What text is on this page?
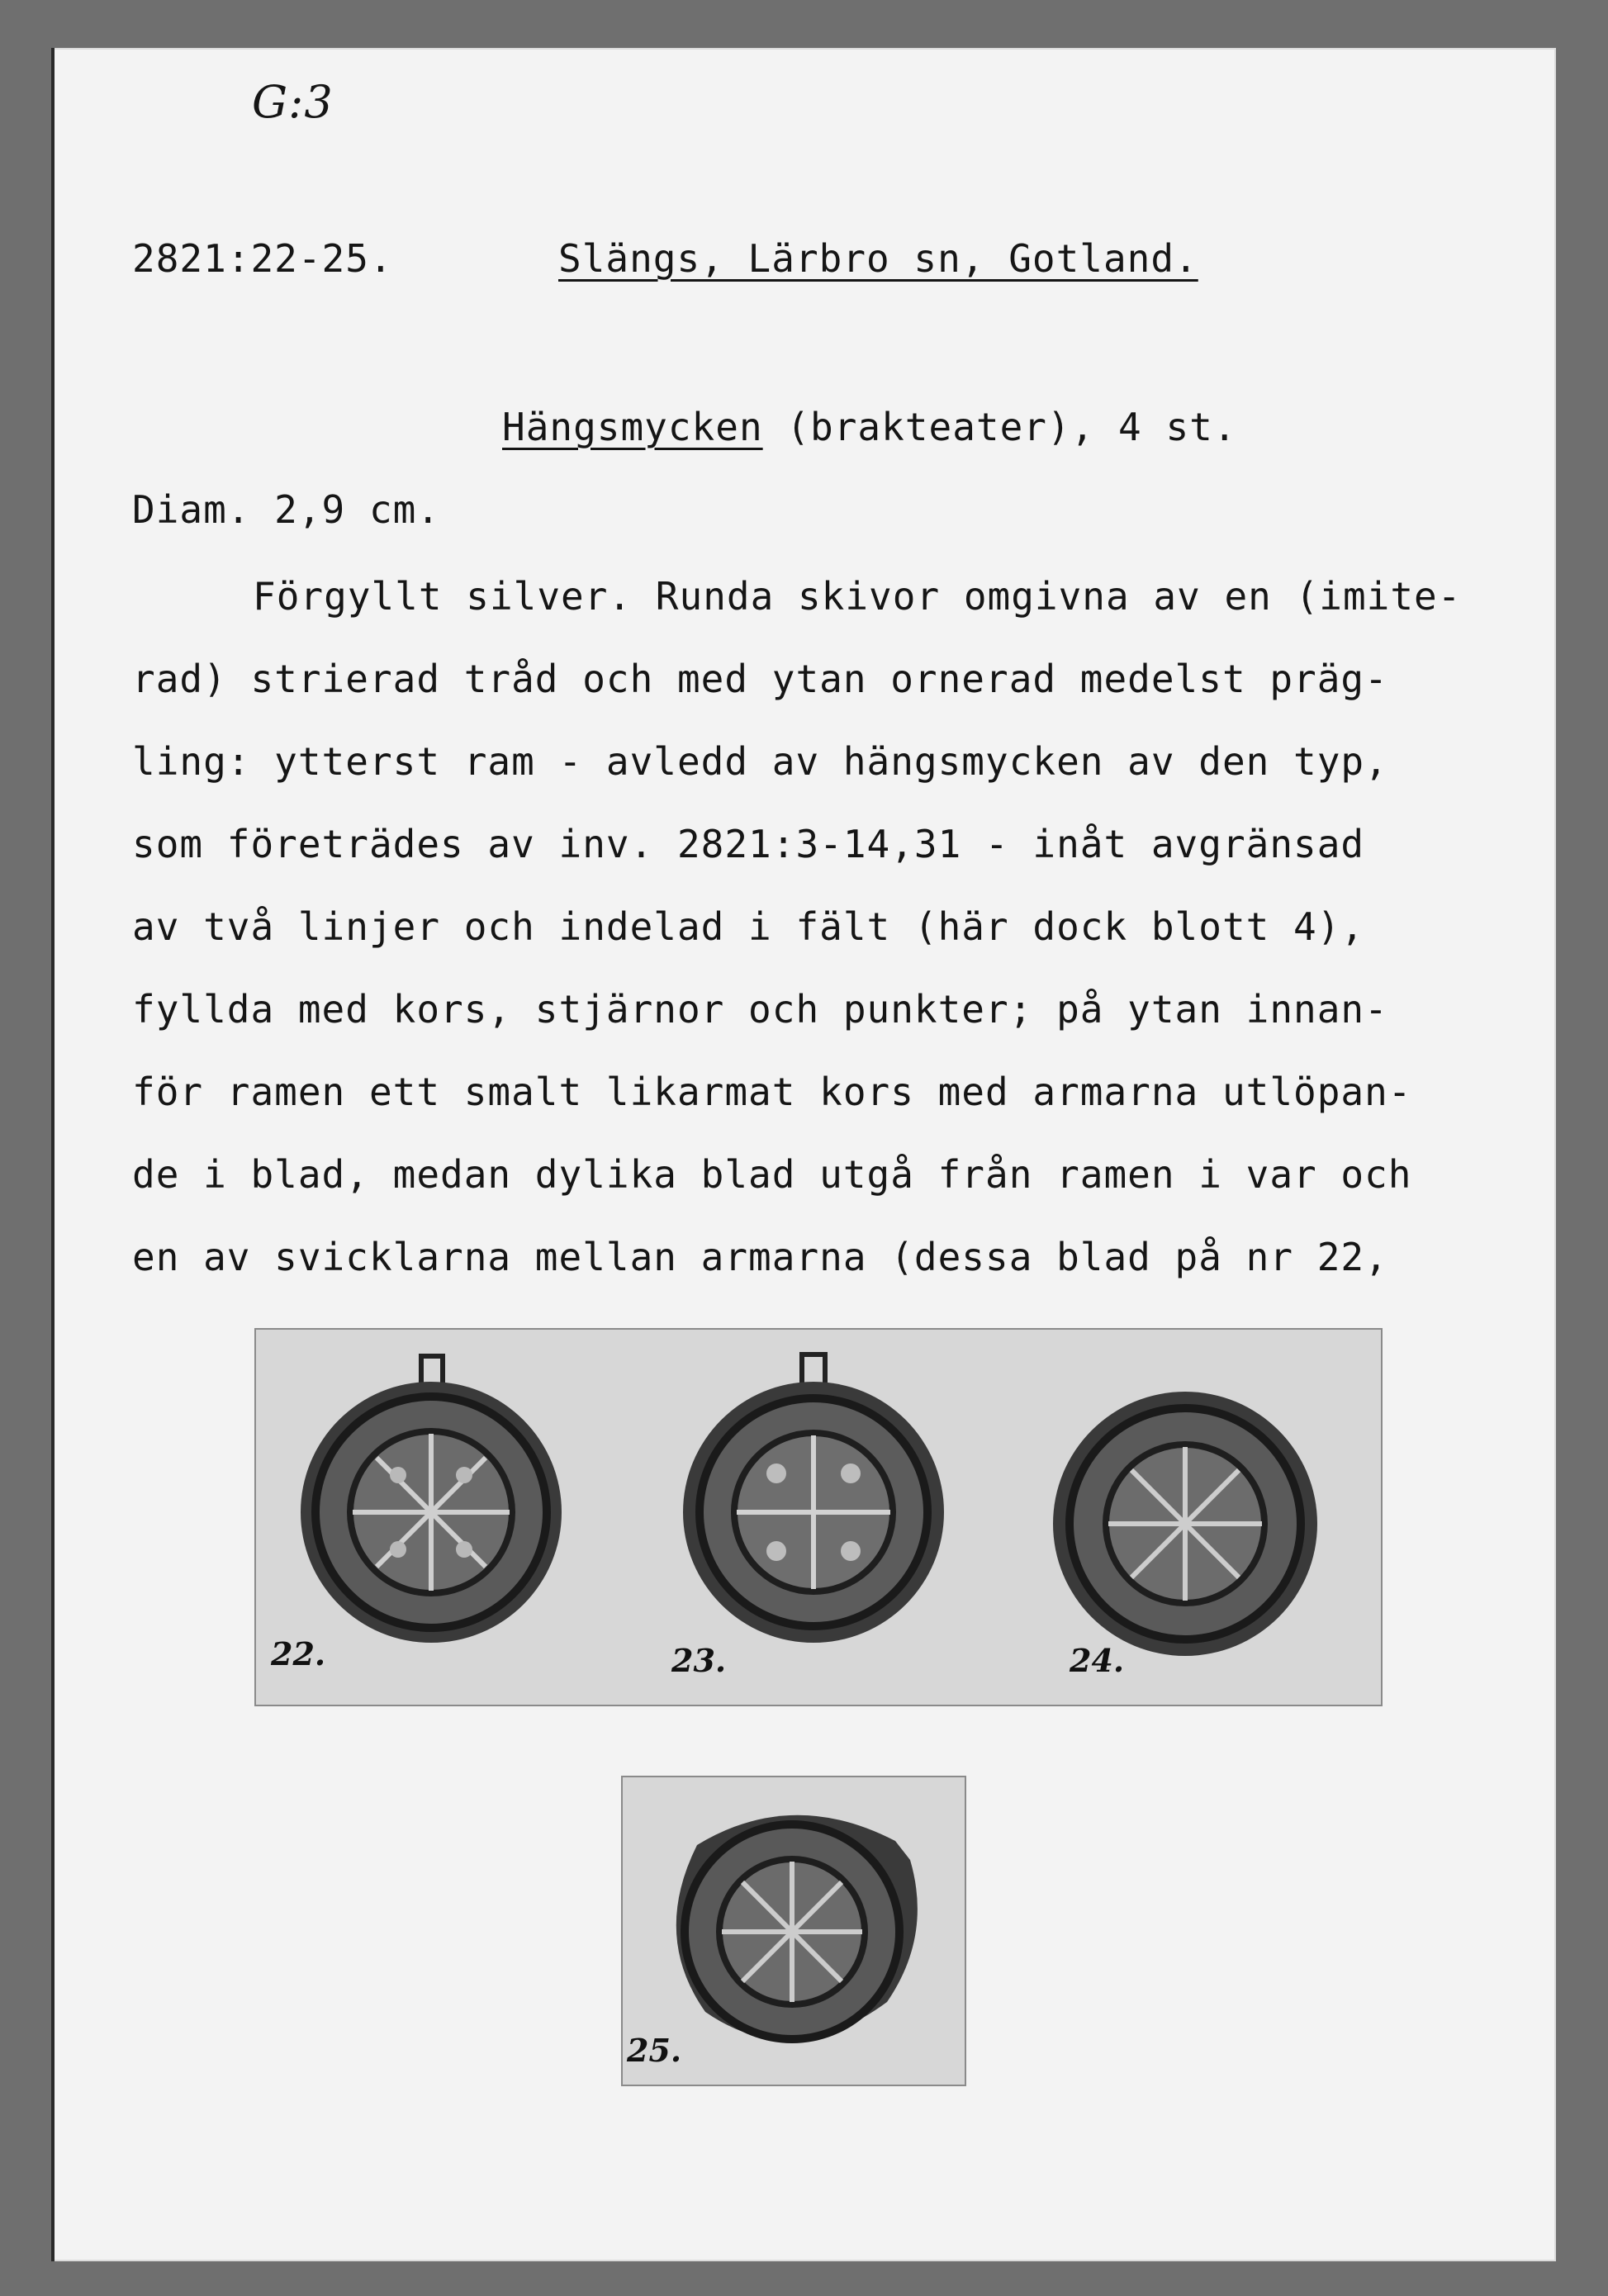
G:3
2821:22-25.	Slängs, Lärbro sn, Gotland.
Hängsmycken (brakteater), 4 st.
Diam. 2,9 cm.
Förgyllt silver. Runda skivor omgivna av en (imite-
rad) strierad tråd och med ytan ornerad medelst präg-
ling: ytterst ram - avledd av hängsmycken av den typ,
som företrädes av inv. 2821:3-14,31 - inåt avgränsad
av två linjer och indelad i fält (här dock blott 4),
fyllda med kors, stjärnor och punkter; på ytan innan-
för ramen ett smalt likarmat kors med armarna utlöpan-
de i blad, medan dylika blad utgå från ramen i var och
en av svicklarna mellan armarna (dessa blad på nr 22,
22.	23.	24.
25.
